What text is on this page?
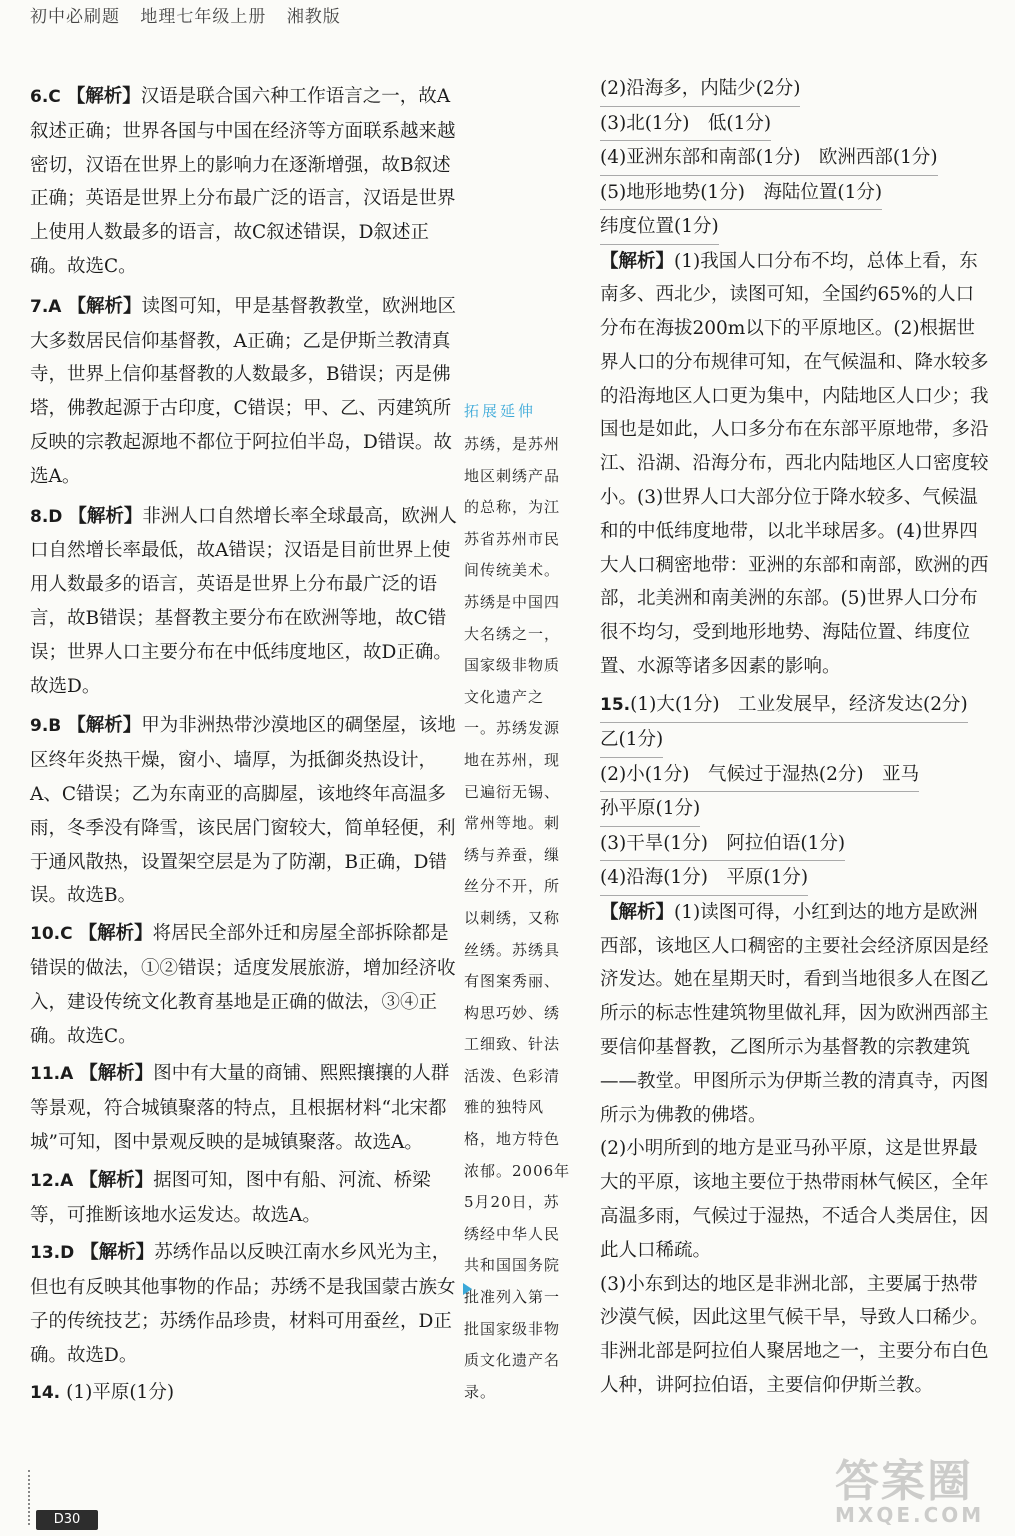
初中必刷题 地理七年级上册 湘教版

6.C 【解析】汉语是联合国六种工作语言之一，故A叙述正确；世界各国与中国在经济等方面联系越来越密切，汉语在世界上的影响力在逐渐增强，故B叙述正确；英语是世界上分布最广泛的语言，汉语是世界上使用人数最多的语言，故C叙述错误，D叙述正确。故选C。

7.A 【解析】读图可知，甲是基督教教堂，欧洲地区大多数居民信仰基督教，A正确；乙是伊斯兰教清真寺，世界上信仰基督教的人数最多，B错误；丙是佛塔，佛教起源于古印度，C错误；甲、乙、丙建筑所反映的宗教起源地不都位于阿拉伯半岛，D错误。故选A。

8.D 【解析】非洲人口自然增长率全球最高，欧洲人口自然增长率最低，故A错误；汉语是目前世界上使用人数最多的语言，英语是世界上分布最广泛的语言，故B错误；基督教主要分布在欧洲等地，故C错误；世界人口主要分布在中低纬度地区，故D正确。故选D。

9.B 【解析】甲为非洲热带沙漠地区的碉堡屋，该地区终年炎热干燥，窗小、墙厚，为抵御炎热设计，A、C错误；乙为东南亚的高脚屋，该地终年高温多雨，冬季没有降雪，该民居门窗较大，简单轻便，利于通风散热，设置架空层是为了防潮，B正确，D错误。故选B。

10.C 【解析】将居民全部外迁和房屋全部拆除都是错误的做法，①②错误；适度发展旅游，增加经济收入，建设传统文化教育基地是正确的做法，③④正确。故选C。

11.A 【解析】图中有大量的商铺、熙熙攘攘的人群等景观，符合城镇聚落的特点，且根据材料“北宋都城”可知，图中景观反映的是城镇聚落。故选A。

12.A 【解析】据图可知，图中有船、河流、桥梁等，可推断该地水运发达。故选A。

13.D 【解析】苏绣作品以反映江南水乡风光为主，但也有反映其他事物的作品；苏绣不是我国蒙古族女子的传统技艺；苏绣作品珍贵，材料可用蚕丝，D正确。故选D。

14. (1)平原(1分)

拓展延伸
苏绣，是苏州地区刺绣产品的总称，为江苏省苏州市民间传统美术。苏绣是中国四大名绣之一，国家级非物质文化遗产之一。苏绣发源地在苏州，现已遍衍无锡、常州等地。刺绣与养蚕，缫丝分不开，所以刺绣，又称丝绣。苏绣具有图案秀丽、构思巧妙、绣工细致、针法活泼、色彩清雅的独特风格，地方特色浓郁。2006年5月20日，苏绣经中华人民共和国国务院批准列入第一批国家级非物质文化遗产名录。
(2)沿海多，内陆少(2分)
(3)北(1分)　低(1分)
(4)亚洲东部和南部(1分)　欧洲西部(1分)
(5)地形地势(1分)　海陆位置(1分)
纬度位置(1分)

【解析】(1)我国人口分布不均，总体上看，东南多、西北少，读图可知，全国约65%的人口分布在海拔200m以下的平原地区。(2)根据世界人口的分布规律可知，在气候温和、降水较多的沿海地区人口更为集中，内陆地区人口少；我国也是如此，人口多分布在东部平原地带，多沿江、沿湖、沿海分布，西北内陆地区人口密度较小。(3)世界人口大部分位于降水较多、气候温和的中低纬度地带，以北半球居多。(4)世界四大人口稠密地带：亚洲的东部和南部，欧洲的西部，北美洲和南美洲的东部。(5)世界人口分布很不均匀，受到地形地势、海陆位置、纬度位置、水源等诸多因素的影响。

15.(1)大(1分)　工业发展早，经济发达(2分)
乙(1分)
(2)小(1分)　气候过于湿热(2分)　亚马
孙平原(1分)
(3)干旱(1分)　阿拉伯语(1分)
(4)沿海(1分)　平原(1分)

【解析】(1)读图可得，小红到达的地方是欧洲西部，该地区人口稠密的主要社会经济原因是经济发达。她在星期天时，看到当地很多人在图乙所示的标志性建筑物里做礼拜，因为欧洲西部主要信仰基督教，乙图所示为基督教的宗教建筑——教堂。甲图所示为伊斯兰教的清真寺，丙图所示为佛教的佛塔。

(2)小明所到的地方是亚马孙平原，这是世界最大的平原，该地主要位于热带雨林气候区，全年高温多雨，气候过于湿热，不适合人类居住，因此人口稀疏。

(3)小东到达的地区是非洲北部，主要属于热带沙漠气候，因此这里气候干旱，导致人口稀少。非洲北部是阿拉伯人聚居地之一，主要分布白色人种，讲阿拉伯语，主要信仰伊斯兰教。

D30
答案圈
MXQE.COM
